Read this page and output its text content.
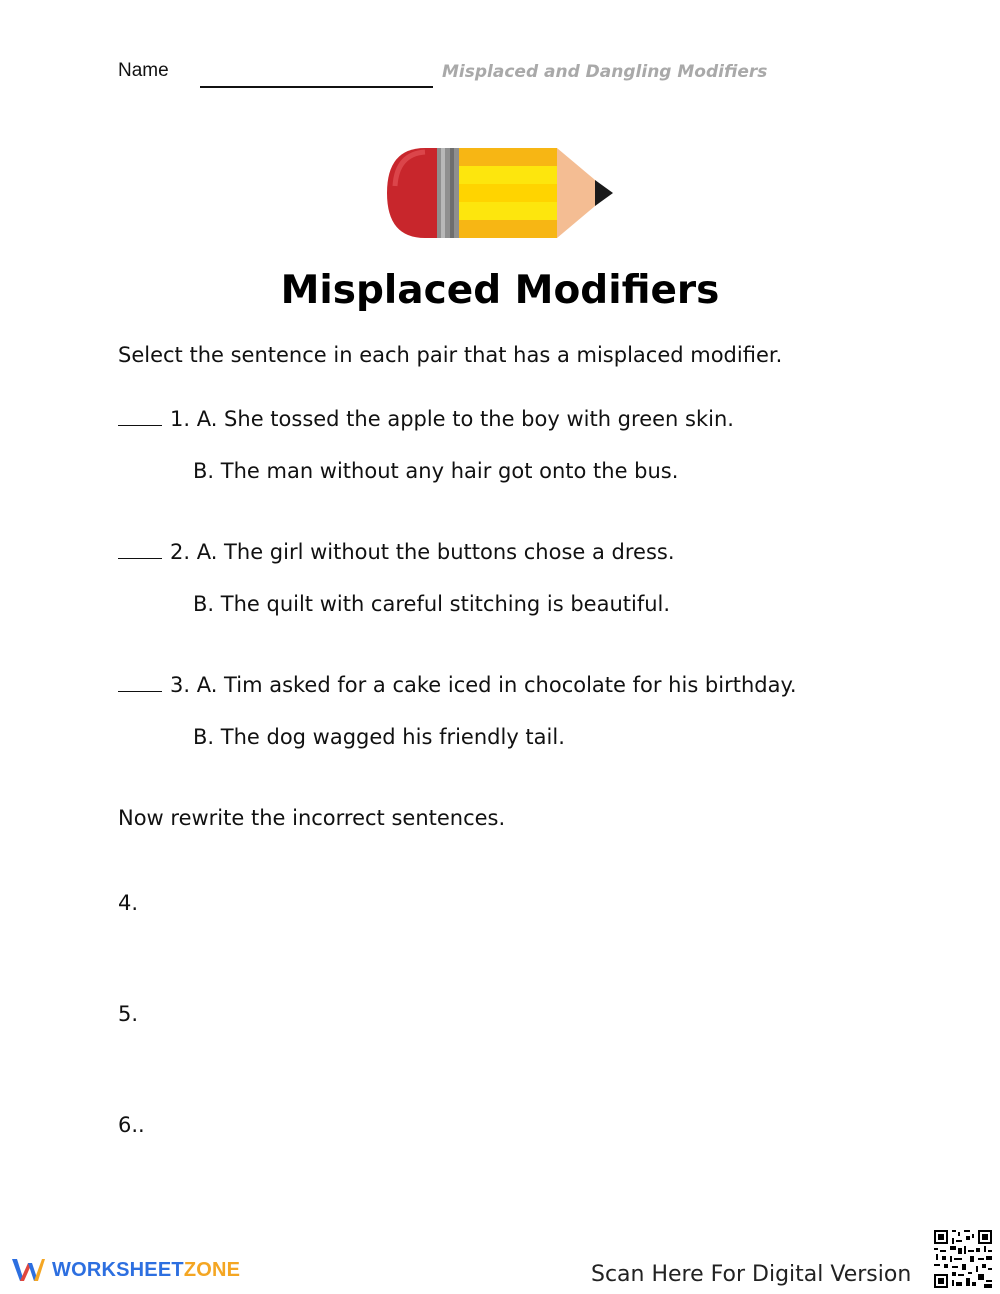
Name	Misplaced and Dangling Modifiers
Misplaced Modifiers
Select the sentence in each pair that has a misplaced modifier.
1. A. She tossed the apple to the boy with green skin.
B. The man without any hair got onto the bus.
2. A. The girl without the buttons chose a dress.
B. The quilt with careful stitching is beautiful.
3. A. Tim asked for a cake iced in chocolate for his birthday.
B. The dog wagged his friendly tail.
Now rewrite the incorrect sentences.
4.
5.
6..
WORKSHEETZONE	Scan Here For Digital Version
